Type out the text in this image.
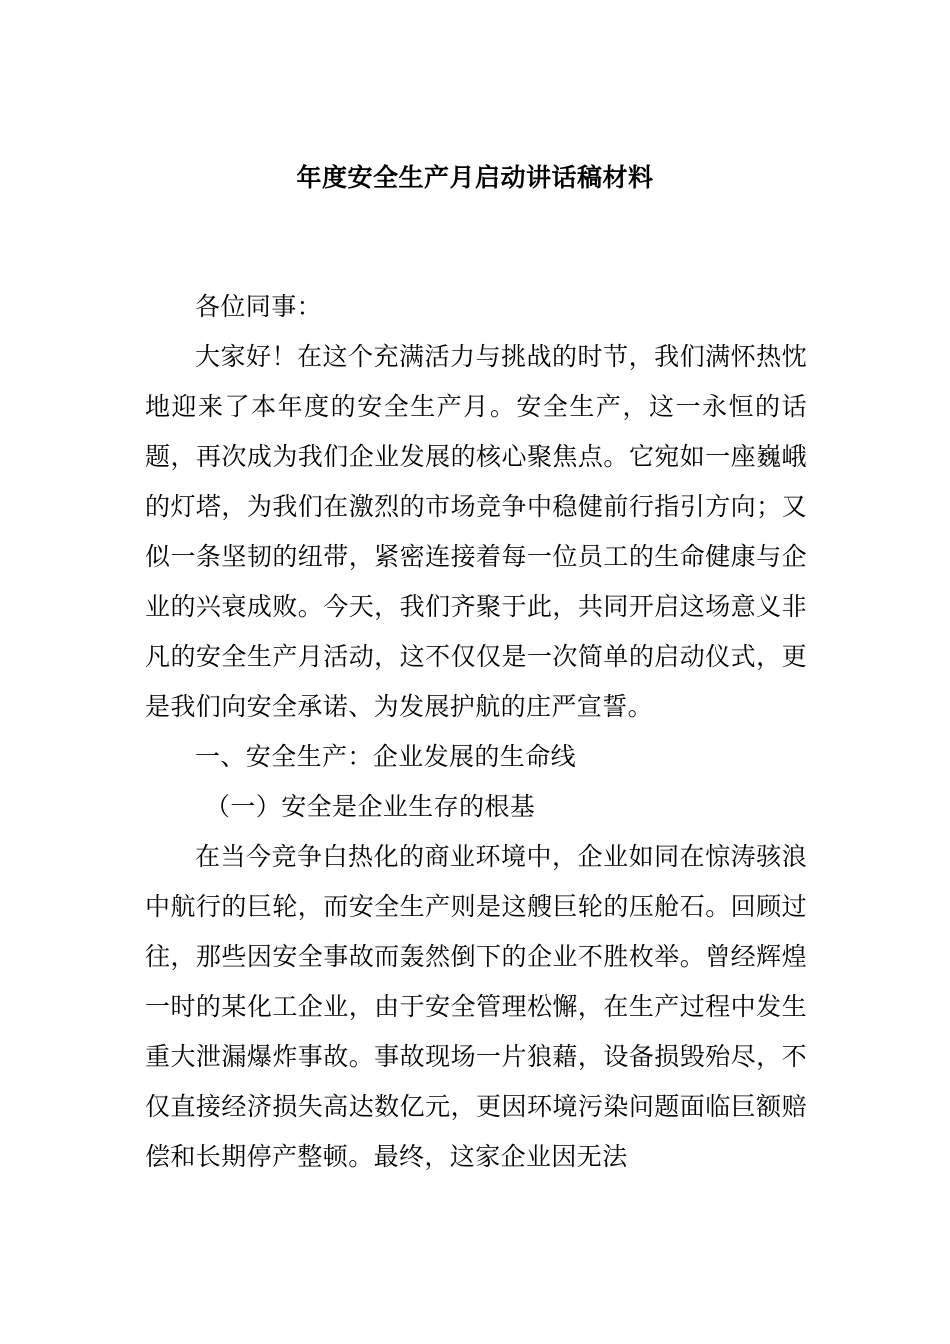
年度安全生产月启动讲话稿材料

各位同事：

大家好！在这个充满活力与挑战的时节，我们满怀热忱地迎来了本年度的安全生产月。安全生产，这一永恒的话题，再次成为我们企业发展的核心聚焦点。它宛如一座巍峨的灯塔，为我们在激烈的市场竞争中稳健前行指引方向；又似一条坚韧的纽带，紧密连接着每一位员工的生命健康与企业的兴衰成败。今天，我们齐聚于此，共同开启这场意义非凡的安全生产月活动，这不仅仅是一次简单的启动仪式，更是我们向安全承诺、为发展护航的庄严宣誓。

一、安全生产：企业发展的生命线

（一）安全是企业生存的根基

在当今竞争白热化的商业环境中，企业如同在惊涛骇浪中航行的巨轮，而安全生产则是这艘巨轮的压舱石。回顾过往，那些因安全事故而轰然倒下的企业不胜枚举。曾经辉煌一时的某化工企业，由于安全管理松懈，在生产过程中发生重大泄漏爆炸事故。事故现场一片狼藉，设备损毁殆尽，不仅直接经济损失高达数亿元，更因环境污染问题面临巨额赔偿和长期停产整顿。最终，这家企业因无法
